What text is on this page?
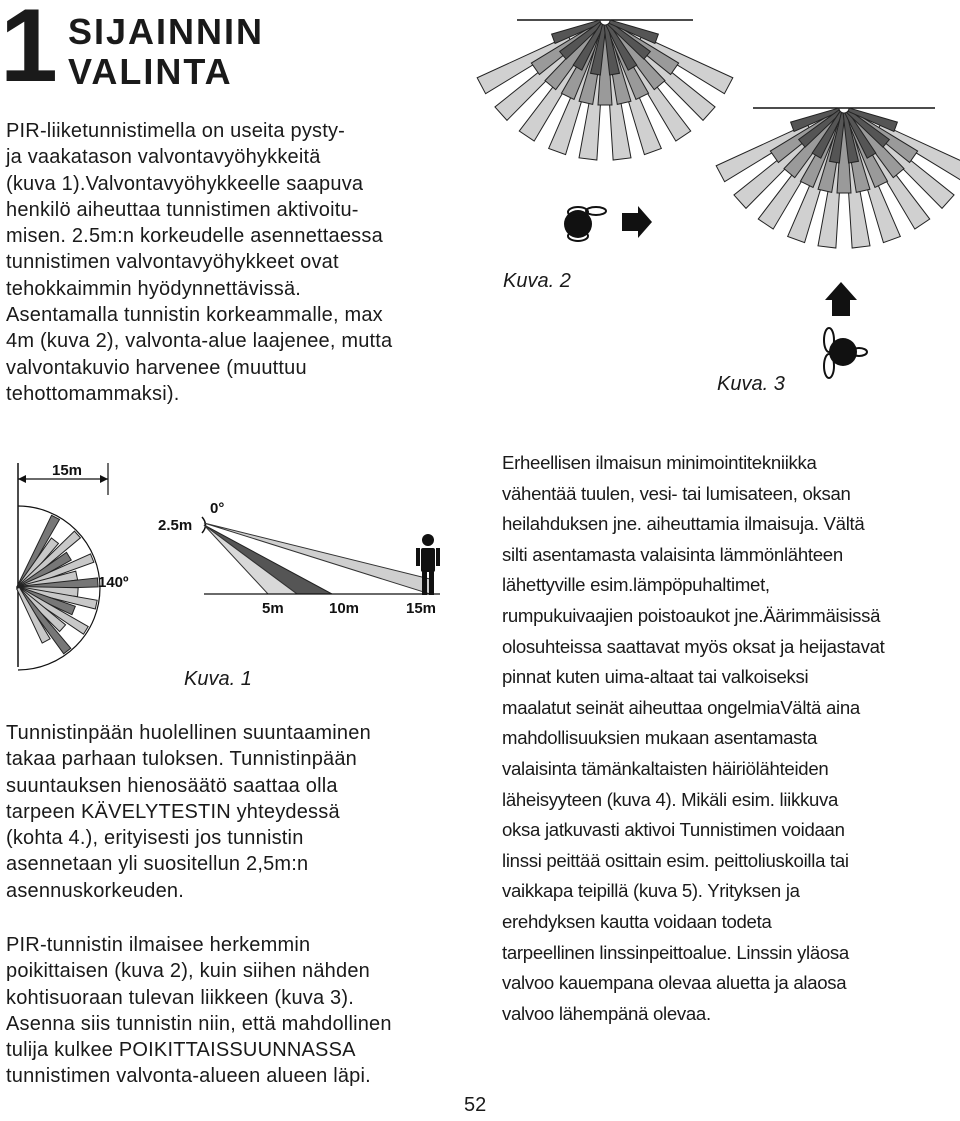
1 SIJAINNIN
VALINTA
PIR-liiketunnistimella on useita pysty-
ja vaakatason valvontavyöhykkeitä
(kuva 1).Valvontavyöhykkeelle saapuva
henkilö aiheuttaa tunnistimen aktivoitu-
misen. 2.5m:n korkeudelle asennettaessa
tunnistimen valvontavyöhykkeet ovat
tehokkaimmin hyödynnettävissä.
Asentamalla tunnistin korkeammalle, max
4m (kuva 2), valvonta-alue laajenee, mutta
valvontakuvio harvenee (muuttuu
tehottomammaksi).
Kuva. 2
Kuva. 3
15m
140º
2.5m
0°
5m	10m	15m
Kuva. 1
Tunnistinpään huolellinen suuntaaminen
takaa parhaan tuloksen. Tunnistinpään
suuntauksen hienosäätö saattaa olla
tarpeen KÄVELYTESTIN yhteydessä
(kohta 4.), erityisesti jos tunnistin
asennetaan yli suositellun 2,5m:n
asennuskorkeuden.
PIR-tunnistin ilmaisee herkemmin
poikittaisen (kuva 2), kuin siihen nähden
kohtisuoraan tulevan liikkeen (kuva 3).
Asenna siis tunnistin niin, että mahdollinen
tulija kulkee POIKITTAISSUUNNASSA
tunnistimen valvonta-alueen alueen läpi.
Erheellisen ilmaisun minimointitekniikka
vähentää tuulen, vesi- tai lumisateen, oksan
heilahduksen jne. aiheuttamia ilmaisuja. Vältä
silti asentamasta valaisinta lämmönlähteen
lähettyville esim.lämpöpuhaltimet,
rumpukuivaajien poistoaukot jne.Äärimmäisissä
olosuhteissa saattavat myös oksat ja heijastavat
pinnat kuten uima-altaat tai valkoiseksi
maalatut seinät aiheuttaa ongelmiaVältä aina
mahdollisuuksien mukaan asentamasta
valaisinta tämänkaltaisten häiriölähteiden
läheisyyteen (kuva 4). Mikäli esim. liikkuva
oksa jatkuvasti aktivoi Tunnistimen voidaan
linssi peittää osittain esim. peittoliuskoilla tai
vaikkapa teipillä (kuva 5). Yrityksen ja
erehdyksen kautta voidaan todeta
tarpeellinen linssinpeittoalue. Linssin yläosa
valvoo kauempana olevaa aluetta ja alaosa
valvoo lähempänä olevaa.
52
